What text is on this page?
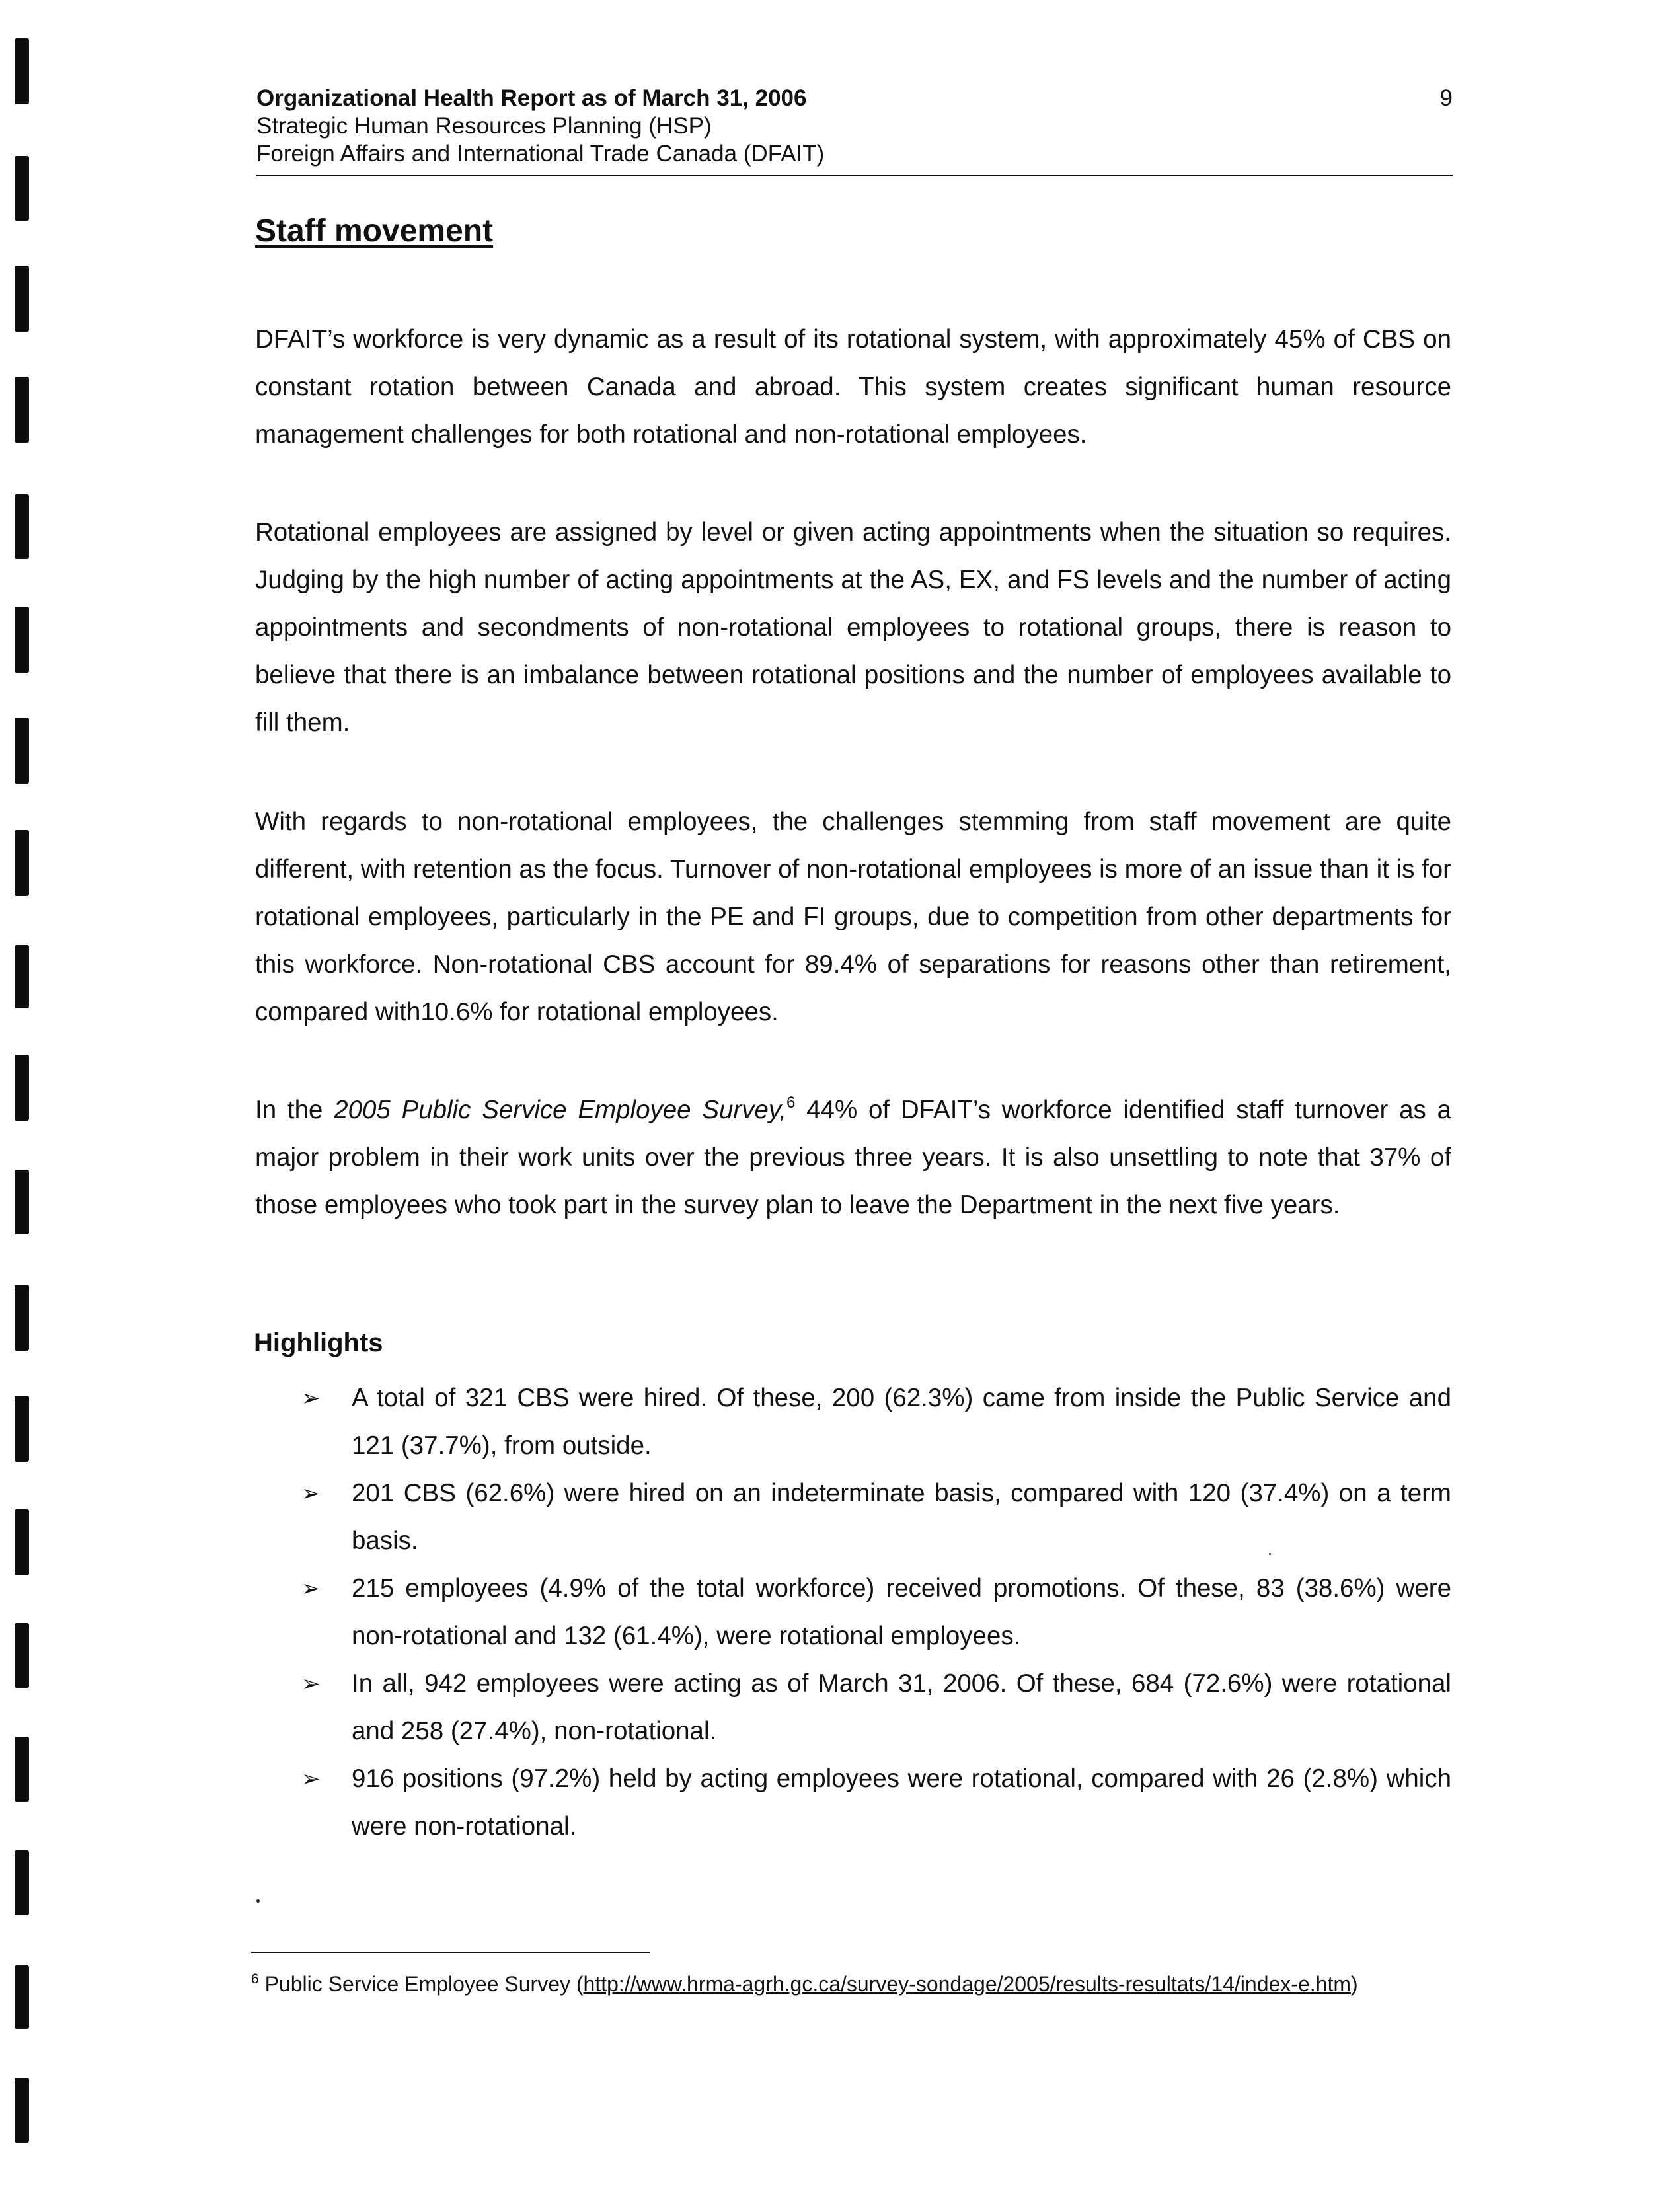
Organizational Health Report as of March 31, 2006
Strategic Human Resources Planning (HSP)
Foreign Affairs and International Trade Canada (DFAIT)
9
Staff movement

DFAIT’s workforce is very dynamic as a result of its rotational system, with approximately 45% of CBS on constant rotation between Canada and abroad. This system creates significant human resource management challenges for both rotational and non-rotational employees.

Rotational employees are assigned by level or given acting appointments when the situation so requires. Judging by the high number of acting appointments at the AS, EX, and FS levels and the number of acting appointments and secondments of non-rotational employees to rotational groups, there is reason to believe that there is an imbalance between rotational positions and the number of employees available to fill them.

With regards to non-rotational employees, the challenges stemming from staff movement are quite different, with retention as the focus. Turnover of non-rotational employees is more of an issue than it is for rotational employees, particularly in the PE and FI groups, due to competition from other departments for this workforce. Non-rotational CBS account for 89.4% of separations for reasons other than retirement, compared with10.6% for rotational employees.

In the 2005 Public Service Employee Survey,$^6$ 44% of DFAIT’s workforce identified staff turnover as a major problem in their work units over the previous three years. It is also unsettling to note that 37% of those employees who took part in the survey plan to leave the Department in the next five years.

Highlights
➢ A total of 321 CBS were hired. Of these, 200 (62.3%) came from inside the Public Service and 121 (37.7%), from outside.
➢ 201 CBS (62.6%) were hired on an indeterminate basis, compared with 120 (37.4%) on a term basis.
➢ 215 employees (4.9% of the total workforce) received promotions. Of these, 83 (38.6%) were non-rotational and 132 (61.4%), were rotational employees.
➢ In all, 942 employees were acting as of March 31, 2006. Of these, 684 (72.6%) were rotational and 258 (27.4%), non-rotational.
➢ 916 positions (97.2%) held by acting employees were rotational, compared with 26 (2.8%) which were non-rotational.
$^6$ Public Service Employee Survey (http://www.hrma-agrh.gc.ca/survey-sondage/2005/results-resultats/14/index-e.htm)
